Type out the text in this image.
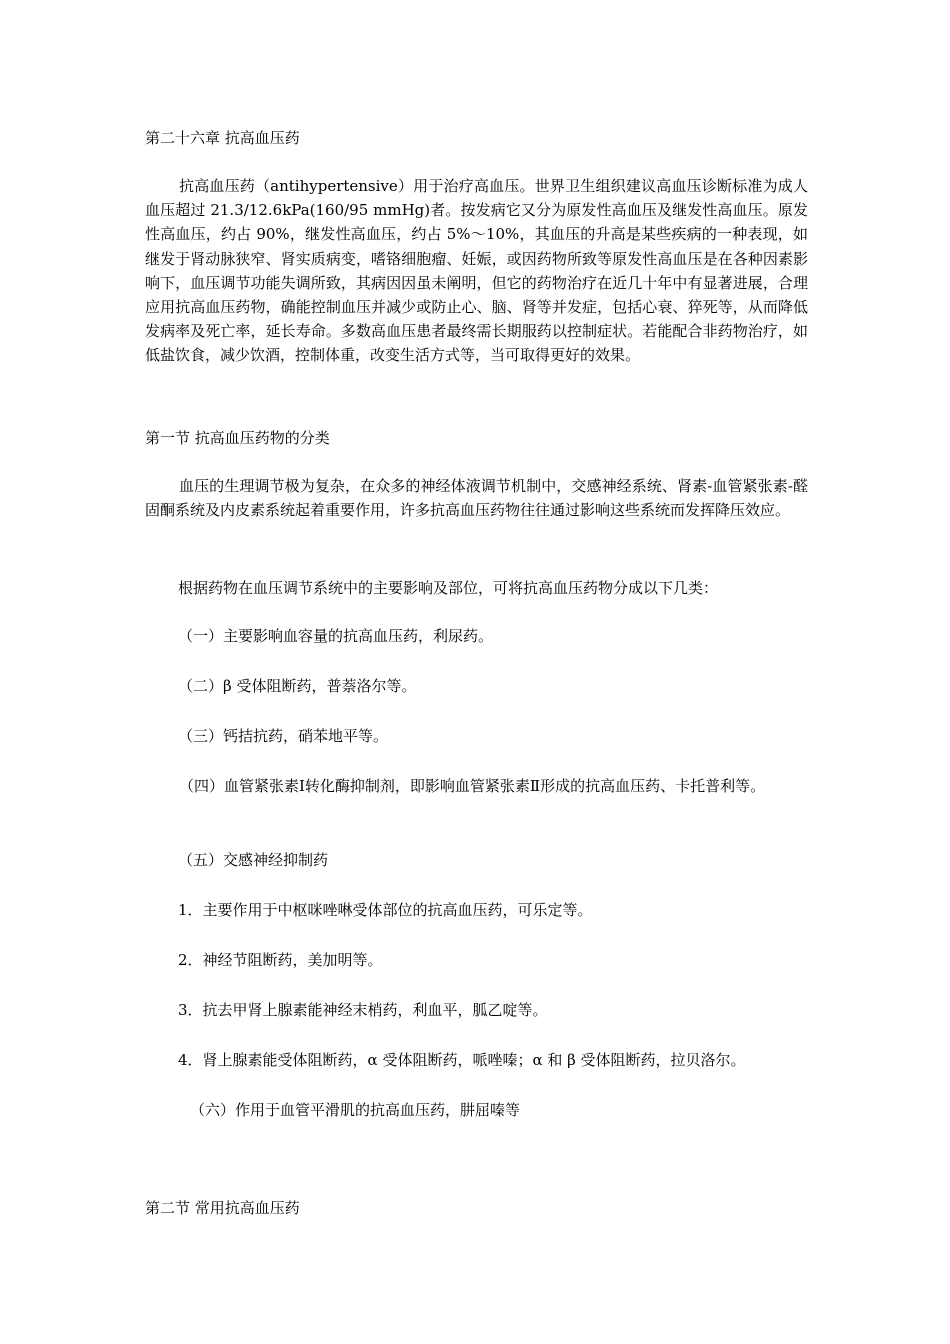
第二十六章 抗高血压药

抗高血压药（antihypertensive）用于治疗高血压。世界卫生组织建议高血压诊断标准为成人血压超过 21.3/12.6kPa(160/95 mmHg)者。按发病它又分为原发性高血压及继发性高血压。原发性高血压，约占 90%，继发性高血压，约占 5%～10%，其血压的升高是某些疾病的一种表现，如继发于肾动脉狭窄、肾实质病变，嗜铬细胞瘤、妊娠，或因药物所致等原发性高血压是在各种因素影响下，血压调节功能失调所致，其病因因虽未阐明，但它的药物治疗在近几十年中有显著进展，合理应用抗高血压药物，确能控制血压并减少或防止心、脑、肾等并发症，包括心衰、猝死等，从而降低发病率及死亡率，延长寿命。多数高血压患者最终需长期服药以控制症状。若能配合非药物治疗，如低盐饮食，减少饮酒，控制体重，改变生活方式等，当可取得更好的效果。

第一节 抗高血压药物的分类

血压的生理调节极为复杂，在众多的神经体液调节机制中，交感神经系统、肾素-血管紧张素-醛固酮系统及内皮素系统起着重要作用，许多抗高血压药物往往通过影响这些系统而发挥降压效应。

根据药物在血压调节系统中的主要影响及部位，可将抗高血压药物分成以下几类：
（一）主要影响血容量的抗高血压药，利尿药。
（二）β 受体阻断药，普萘洛尔等。
（三）钙拮抗药，硝苯地平等。

（四）血管紧张素Ⅰ转化酶抑制剂，即影响血管紧张素Ⅱ形成的抗高血压药、卡托普利等。

（五）交感神经抑制药
1．主要作用于中枢咪唑啉受体部位的抗高血压药，可乐定等。
2．神经节阻断药，美加明等。
3．抗去甲肾上腺素能神经末梢药，利血平，胍乙啶等。
4．肾上腺素能受体阻断药，α 受体阻断药，哌唑嗪；α 和 β 受体阻断药，拉贝洛尔。
（六）作用于血管平滑肌的抗高血压药，肼屈嗪等
第二节 常用抗高血压药
